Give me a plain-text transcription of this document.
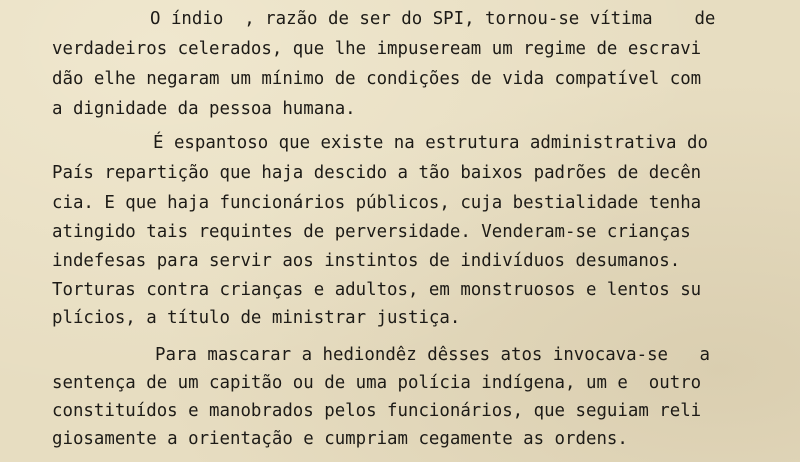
O índio  , razão de ser do SPI, tornou-se vítima    de
verdadeiros celerados, que lhe impuseream um regime de escravi
dão elhe negaram um mínimo de condições de vida compatível com
a dignidade da pessoa humana.
É espantoso que existe na estrutura administrativa do
País repartição que haja descido a tão baixos padrões de decên
cia. E que haja funcionários públicos, cuja bestialidade tenha
atingido tais requintes de perversidade. Venderam-se crianças
indefesas para servir aos instintos de indivíduos desumanos.
Torturas contra crianças e adultos, em monstruosos e lentos su
plícios, a título de ministrar justiça.
Para mascarar a hediondêz dêsses atos invocava-se   a
sentença de um capitão ou de uma polícia indígena, um e  outro
constituídos e manobrados pelos funcionários, que seguiam reli
giosamente a orientação e cumpriam cegamente as ordens.
